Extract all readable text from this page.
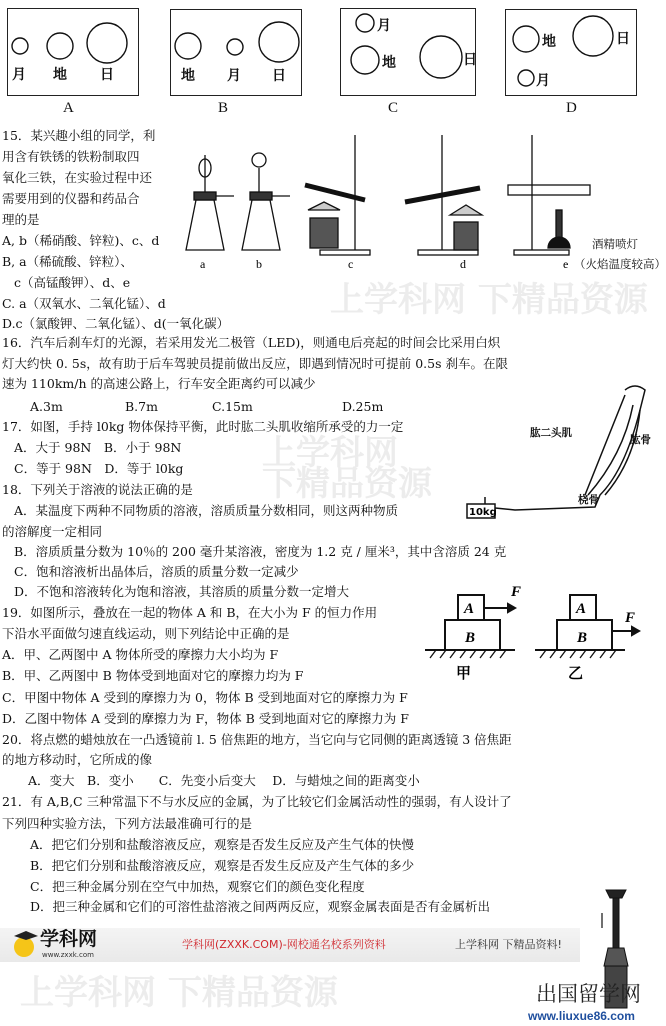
上学科网 下精品资源
上学科网 下精品资源
上学科网 下精品资源
月 地 日
A
地 月 日
B
月
地	日
C
地	日
月
D
15．某兴趣小组的同学，利
用含有铁锈的铁粉制取四
氧化三铁，在实验过程中还
需要用到的仪器和药品合
理的是
A, b（稀硝酸、锌粒)、c、d
B, a（稀硫酸、锌粒）、
c（高锰酸钾）、d、e
C. a（双氧水、二氧化锰）、d
D.c（氯酸钾、二氧化锰）、d(一氧化碳）
a	b	c	d	e
酒精喷灯
（火焰温度较高）
16．汽车后刹车灯的光源，若采用发光二极管（LED)，则通电后亮起的时间会比采用白炽
灯大约快 0. 5s，故有助于后车驾驶员提前做出反应，即遇到情况时可提前 0.5s 刹车。在限
速为 110km/h 的高速公路上，行车安全距离约可以减少
A.3m	B.7m	C.15m	D.25m
17．如图，手持 l0kg 物体保持平衡，此时肱二头肌收缩所承受的力一定
A．大于 98N　B．小于 98N
C．等于 98N　D．等于 l0kg
10kg
肱二头肌
肱骨
桡骨
18．下列关于溶液的说法正确的是
A．某温度下两种不同物质的溶液，溶质质量分数相同，则这两种物质
的溶解度一定相同
B．溶质质量分数为 10％的 200 毫升某溶液，密度为 1.2 克 / 厘米³，其中含溶质 24 克
C．饱和溶液析出晶体后，溶质的质量分数一定减少
D．不饱和溶液转化为饱和溶液，其溶质的质量分数一定增大
19．如图所示，叠放在一起的物体 A 和 B，在大小为 F 的恒力作用
下沿水平面做匀速直线运动，则下列结论中正确的是
A．甲、乙两图中 A 物体所受的摩擦力大小均为 F
B．甲、乙两图中 B 物体受到地面对它的摩擦力均为 F
C．甲图中物体 A 受到的摩擦力为 0，物体 B 受到地面对它的摩擦力为 F
D．乙图中物体 A 受到的摩擦力为 F，物体 B 受到地面对它的摩擦力为 F
A
B
F
A
B
F
甲	乙
20．将点燃的蜡烛放在一凸透镜前 l. 5 倍焦距的地方，当它向与它同侧的距离透镜 3 倍焦距
的地方移动时，它所成的像
A．变大　B．变小　　C．先变小后变大　 D．与蜡烛之间的距离变小
21．有 A,B,C 三种常温下不与水反应的金属，为了比较它们金属活动性的强弱，有人设计了
下列四种实验方法，下列方法最准确可行的是
A．把它们分别和盐酸溶液反应，观察是否发生反应及产生气体的快慢
B．把它们分别和盐酸溶液反应，观察是否发生反应及产生气体的多少
C．把三种金属分别在空气中加热，观察它们的颜色变化程度
D．把三种金属和它们的可溶性盐溶液之间两两反应，观察金属表面是否有金属析出
学科网
www.zxxk.com
学科网(ZXXK.COM)-网校通名校系列资料	上学科网 下精品资料!
出国留学网
www.liuxue86.com
